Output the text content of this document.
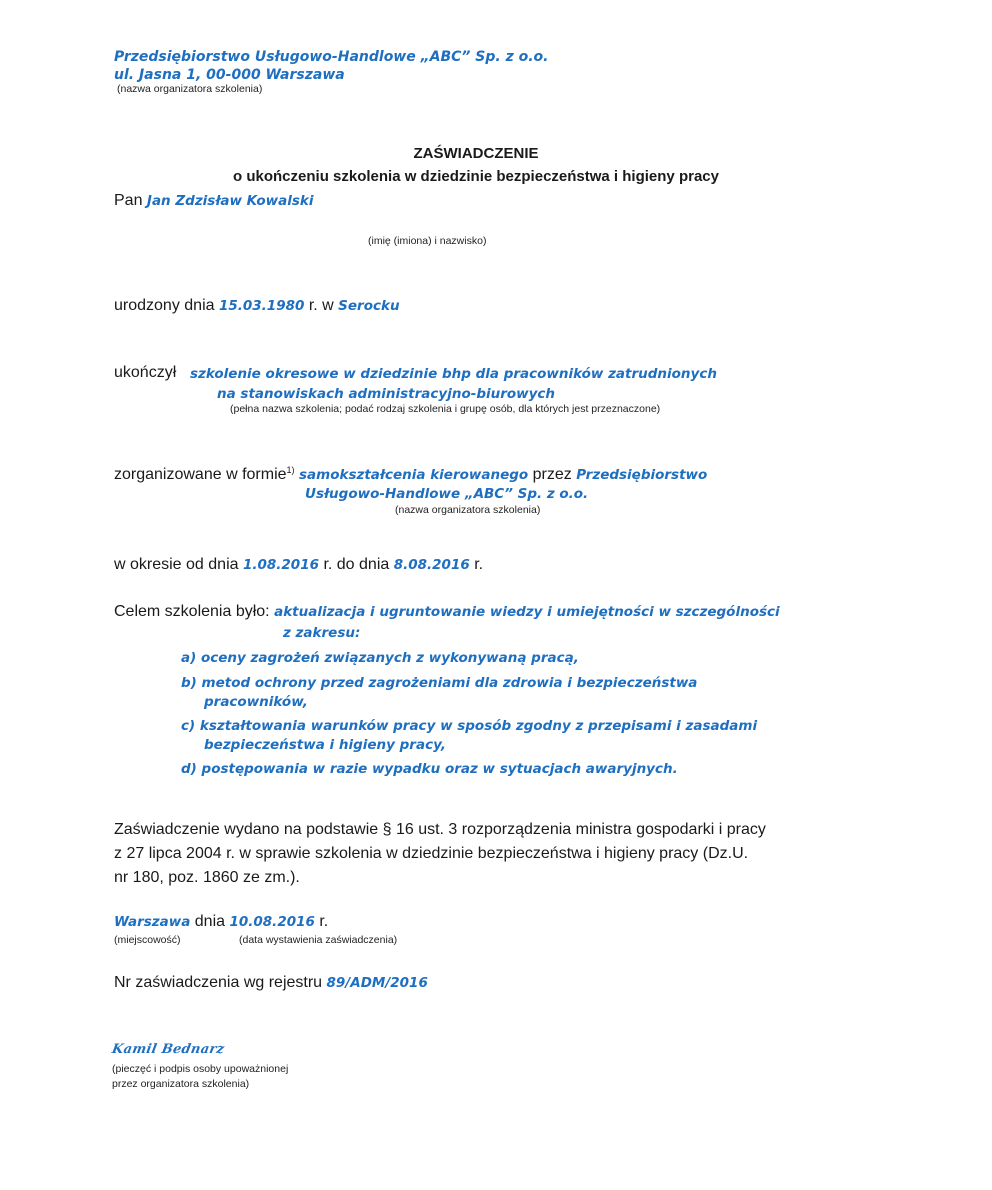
Przedsiębiorstwo Usługowo-Handlowe „ABC” Sp. z o.o.
ul. Jasna 1, 00-000 Warszawa
(nazwa organizatora szkolenia)
ZAŚWIADCZENIE
o ukończeniu szkolenia w dziedzinie bezpieczeństwa i higieny pracy
Pan Jan Zdzisław Kowalski
(imię (imiona) i nazwisko)
urodzony dnia 15.03.1980 r. w Serocku
ukończył szkolenie okresowe w dziedzinie bhp dla pracowników zatrudnionych
na stanowiskach administracyjno-biurowych
(pełna nazwa szkolenia; podać rodzaj szkolenia i grupę osób, dla których jest przeznaczone)
zorganizowane w formie$^{1)}$ samokształcenia kierowanego przez Przedsiębiorstwo
Usługowo-Handlowe „ABC” Sp. z o.o.
(nazwa organizatora szkolenia)
w okresie od dnia 1.08.2016 r. do dnia 8.08.2016 r.
Celem szkolenia było: aktualizacja i ugruntowanie wiedzy i umiejętności w szczególności
z zakresu:
a) oceny zagrożeń związanych z wykonywaną pracą,
b) metod ochrony przed zagrożeniami dla zdrowia i bezpieczeństwa
pracowników,
c) kształtowania warunków pracy w sposób zgodny z przepisami i zasadami
bezpieczeństwa i higieny pracy,
d) postępowania w razie wypadku oraz w sytuacjach awaryjnych.
Zaświadczenie wydano na podstawie § 16 ust. 3 rozporządzenia ministra gospodarki i pracy
z 27 lipca 2004 r. w sprawie szkolenia w dziedzinie bezpieczeństwa i higieny pracy (Dz.U.
nr 180, poz. 1860 ze zm.).
Warszawa dnia 10.08.2016 r.
(miejscowość)	(data wystawienia zaświadczenia)
Nr zaświadczenia wg rejestru 89/ADM/2016
Kamil Bednarz
(pieczęć i podpis osoby upoważnionej
przez organizatora szkolenia)
